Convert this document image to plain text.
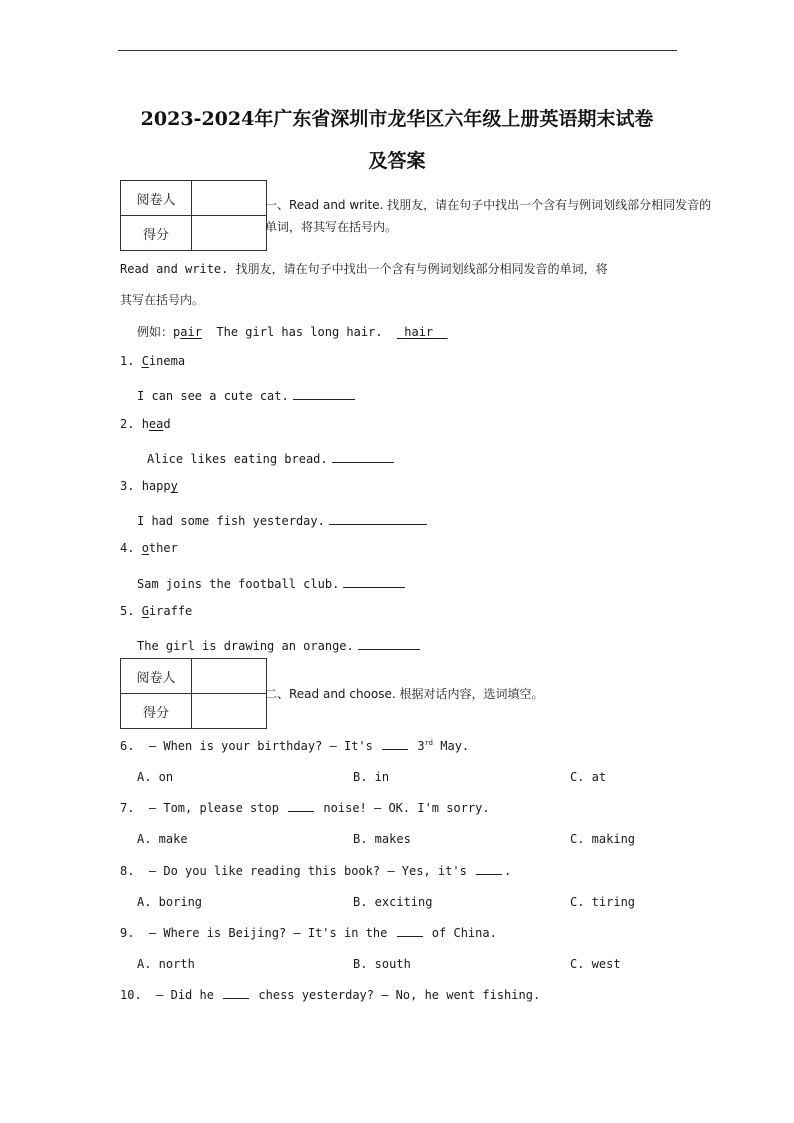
2023-2024年广东省深圳市龙华区六年级上册英语期末试卷
及答案
阅卷人	
得分	
一、Read and write. 找朋友，请在句子中找出一个含有与例词划线部分相同发音的
单词，将其写在括号内。
Read and write. 找朋友，请在句子中找出一个含有与例词划线部分相同发音的单词，将
其写在括号内。
例如：pair The girl has long hair. hair
1. Cinema
I can see a cute cat.
2. head
Alice likes eating bread.
3. happy
I had some fish yesterday.
4. other
Sam joins the football club.
5. Giraffe
The girl is drawing an orange.
阅卷人	
得分	
二、Read and choose. 根据对话内容，选词填空。
6. — When is your birthday? — It's	3rd May.
A. on	B. in	C. at
7. — Tom, please stop	noise! — OK. I'm sorry.
A. make	B. makes	C. making
8. — Do you like reading this book? — Yes, it's	.
A. boring	B. exciting	C. tiring
9. — Where is Beijing? — It's in the	of China.
A. north	B. south	C. west
10. — Did he	chess yesterday? — No, he went fishing.
